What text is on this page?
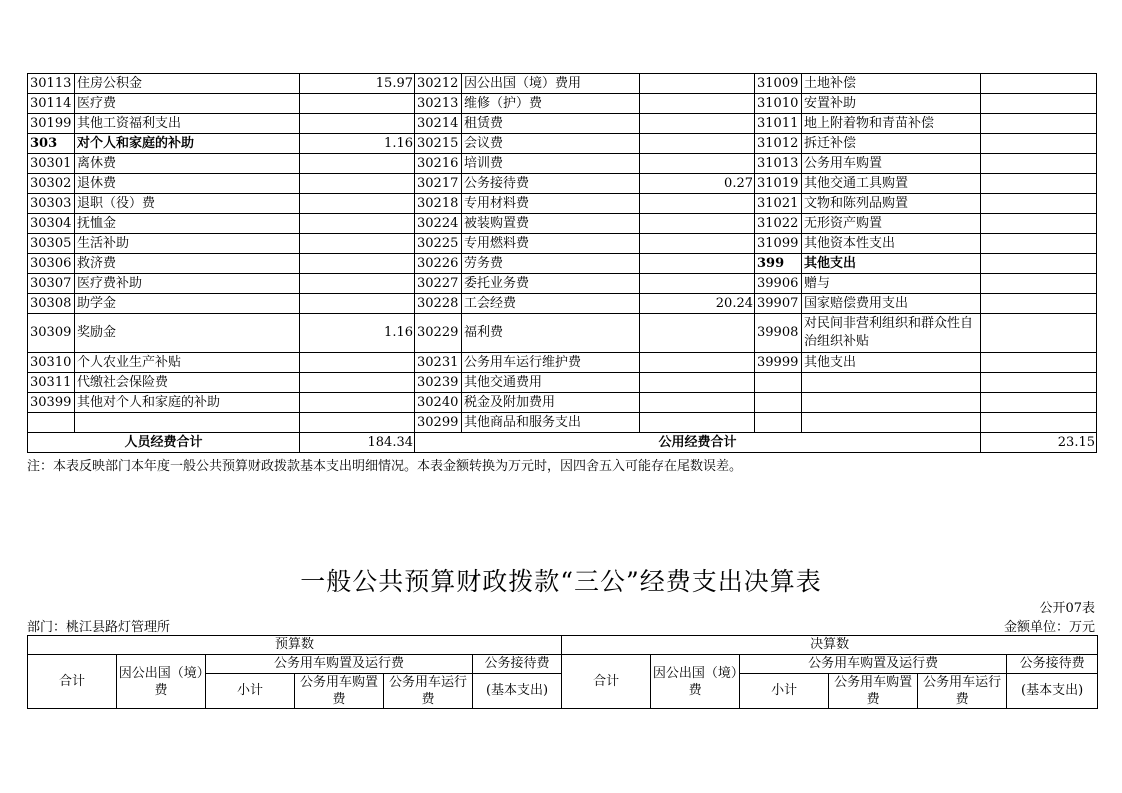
30113	住房公积金	15.97	30212	因公出国（境）费用		31009	土地补偿	
30114	医疗费		30213	维修（护）费		31010	安置补助	
30199	其他工资福利支出		30214	租赁费		31011	地上附着物和青苗补偿	
303	对个人和家庭的补助	1.16	30215	会议费		31012	拆迁补偿	
30301	离休费		30216	培训费		31013	公务用车购置	
30302	退休费		30217	公务接待费	0.27	31019	其他交通工具购置	
30303	退职（役）费		30218	专用材料费		31021	文物和陈列品购置	
30304	抚恤金		30224	被装购置费		31022	无形资产购置	
30305	生活补助		30225	专用燃料费		31099	其他资本性支出	
30306	救济费		30226	劳务费		399	其他支出	
30307	医疗费补助		30227	委托业务费		39906	赠与	
30308	助学金		30228	工会经费	20.24	39907	国家赔偿费用支出	
30309	奖励金	1.16	30229	福利费		39908	对民间非营利组织和群众性自治组织补贴	
30310	个人农业生产补贴		30231	公务用车运行维护费		39999	其他支出	
30311	代缴社会保险费		30239	其他交通费用				
30399	其他对个人和家庭的补助		30240	税金及附加费用				
			30299	其他商品和服务支出				
人员经费合计		184.34	公用经费合计					23.15
注：本表反映部门本年度一般公共预算财政拨款基本支出明细情况。本表金额转换为万元时，因四舍五入可能存在尾数误差。
一般公共预算财政拨款“三公”经费支出决算表
公开07表
部门：桃江县路灯管理所	金额单位：万元
预算数						决算数					
合计	因公出国（境）费	公务用车购置及运行费			公务接待费	合计	因公出国（境）费	公务用车购置及运行费			公务接待费
		小计	公务用车购置费	公务用车运行费	(基本支出)			小计	公务用车购置费	公务用车运行费	(基本支出)
